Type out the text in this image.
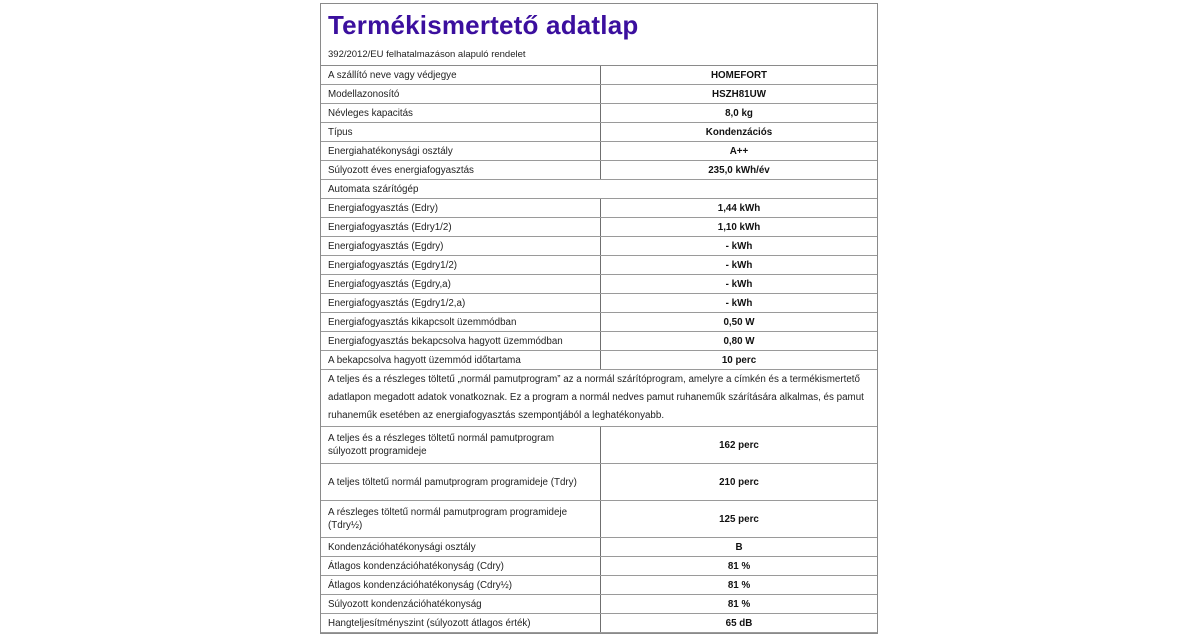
Termékismertető adatlap
392/2012/EU felhatalmazáson alapuló rendelet
A szállító neve vagy védjegye	HOMEFORT
Modellazonosító	HSZH81UW
Névleges kapacitás	8,0 kg
Típus	Kondenzációs
Energiahatékonysági osztály	A++
Súlyozott éves energiafogyasztás	235,0 kWh/év
Automata szárítógép	
Energiafogyasztás (Edry)	1,44 kWh
Energiafogyasztás (Edry1/2)	1,10 kWh
Energiafogyasztás (Egdry)	- kWh
Energiafogyasztás (Egdry1/2)	- kWh
Energiafogyasztás (Egdry,a)	- kWh
Energiafogyasztás (Egdry1/2,a)	- kWh
Energiafogyasztás kikapcsolt üzemmódban	0,50 W
Energiafogyasztás bekapcsolva hagyott üzemmódban	0,80 W
A bekapcsolva hagyott üzemmód időtartama	10 perc
A teljes és a részleges töltetű „normál pamutprogram” az a normál szárítóprogram, amelyre a címkén és a termékismertető adatlapon megadott adatok vonatkoznak. Ez a program a normál nedves pamut ruhaneműk szárítására alkalmas, és pamut ruhaneműk esetében az energiafogyasztás szempontjából a leghatékonyabb.	
A teljes és a részleges töltetű normál pamutprogram súlyozott programideje	162 perc
A teljes töltetű normál pamutprogram programideje (Tdry)	210 perc
A részleges töltetű normál pamutprogram programideje (Tdry½)	125 perc
Kondenzációhatékonysági osztály	B
Átlagos kondenzációhatékonyság (Cdry)	81 %
Átlagos kondenzációhatékonyság (Cdry½)	81 %
Súlyozott kondenzációhatékonyság	81 %
Hangteljesítményszint (súlyozott átlagos érték)	65 dB
